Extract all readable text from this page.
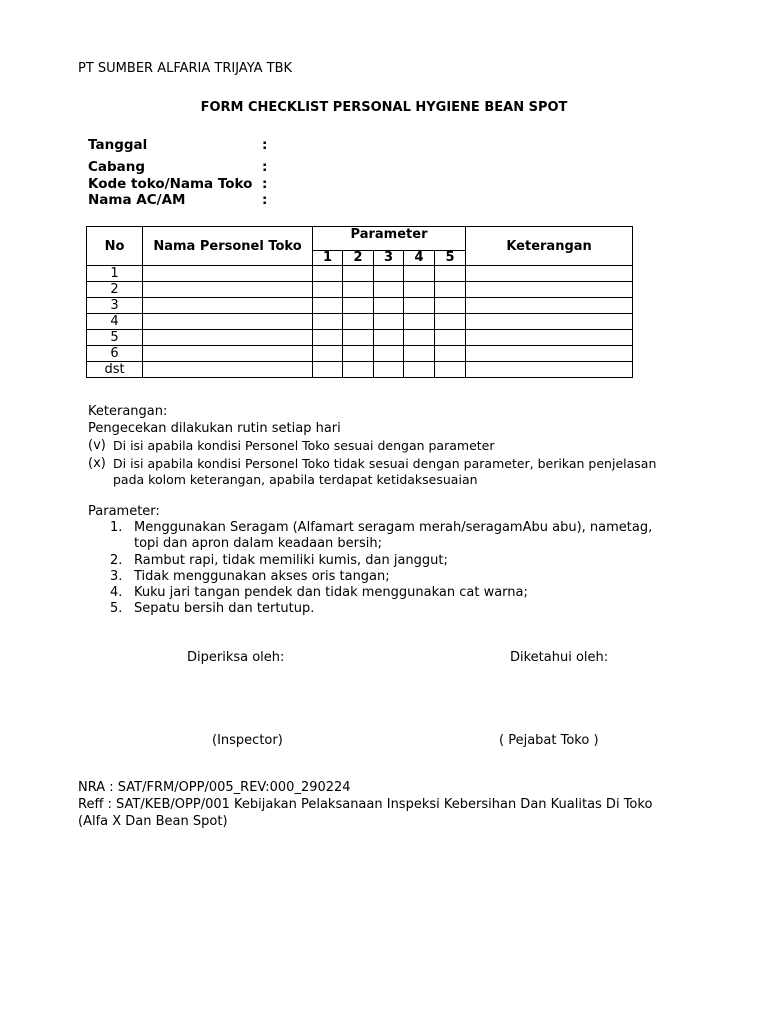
PT SUMBER ALFARIA TRIJAYA TBK
FORM CHECKLIST PERSONAL HYGIENE BEAN SPOT
Tanggal	:
Cabang	:
Kode toko/Nama Toko :
Nama AC/AM	:
No	Nama Personel Toko	Parameter					Keterangan
		1	2	3	4	5	
1							
2							
3							
4							
5							
6							
dst							
Keterangan:
Pengecekan dilakukan rutin setiap hari
(v) Di isi apabila kondisi Personel Toko sesuai dengan parameter
(x) Di isi apabila kondisi Personel Toko tidak sesuai dengan parameter, berikan penjelasan
pada kolom keterangan, apabila terdapat ketidaksesuaian
Parameter:
1. Menggunakan Seragam (Alfamart seragam merah/seragamAbu abu), nametag,
topi dan apron dalam keadaan bersih;
2. Rambut rapi, tidak memiliki kumis, dan janggut;
3. Tidak menggunakan akses oris tangan;
4. Kuku jari tangan pendek dan tidak menggunakan cat warna;
5. Sepatu bersih dan tertutup.
Diperiksa oleh:	Diketahui oleh:
(Inspector)	( Pejabat Toko )
NRA : SAT/FRM/OPP/005_REV:000_290224
Reff : SAT/KEB/OPP/001 Kebijakan Pelaksanaan Inspeksi Kebersihan Dan Kualitas Di Toko
(Alfa X Dan Bean Spot)
